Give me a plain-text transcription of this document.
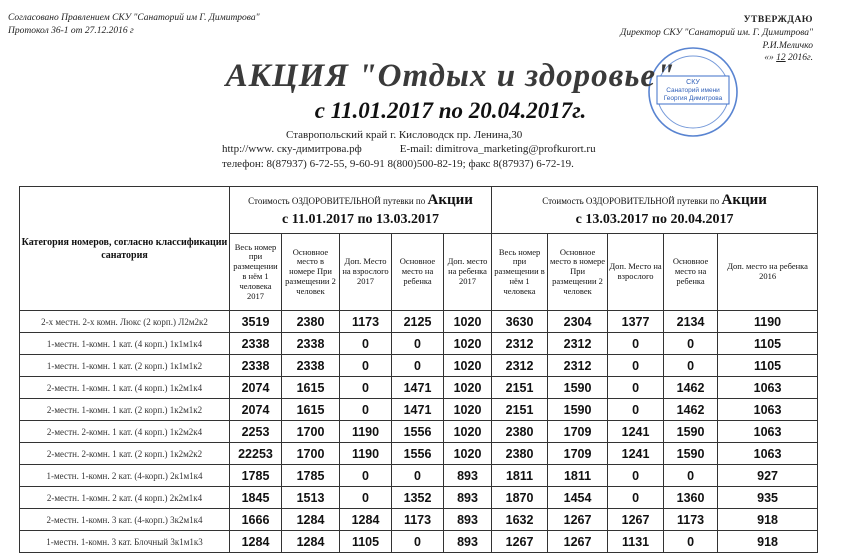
Согласовано Правлением СКУ "Санаторий им Г. Димитрова"
Протокол 36-1 от 27.12.2016 г
УТВЕРЖДАЮ
Директор СКУ "Санаторий им. Г. Димитрова"
Р.И.Меличко
«» 12 2016г.
СКУ
Санаторий имени
Георгия Димитрова
АКЦИЯ "Отдых и здоровье"
с 11.01.2017 по 20.04.2017г.
Ставропольский край г. Кисловодск пр. Ленина,30
http://www. ску-димитрова.рф	E-mail: dimitrova_marketing@profkurort.ru
телефон: 8(87937) 6-72-55, 9-60-91 8(800)500-82-19; факс 8(87937) 6-72-19.
Категория номеров, согласно классификации санатория	Стоимость ОЗДОРОВИТЕЛЬНОЙ путевки по Акции
с 11.01.2017 по 13.03.2017					Стоимость ОЗДОРОВИТЕЛЬНОЙ путевки по Акции
с 13.03.2017 по 20.04.2017				

	Весь номер при размещении в нём 1 человека 2017	Основное место в номере При размещении 2 человек	Доп. Место на взрослого 2017	Основное место на ребенка	Доп. место на ребенка 2017	Весь номер при размещении в нём 1 человека	Основное место в номере При размещении 2 человек	Доп. Место на взрослого	Основное место на ребенка	Доп. место на ребенка 2016
2-х местн. 2-х комн. Люкс (2 корп.) Л2м2к2	3519	2380	1173	2125	1020	3630	2304	1377	2134	1190
1-местн. 1-комн. 1 кат. (4 корп.) 1к1м1к4	2338	2338	0	0	1020	2312	2312	0	0	1105
1-местн. 1-комн. 1 кат. (2 корп.) 1к1м1к2	2338	2338	0	0	1020	2312	2312	0	0	1105
2-местн. 1-комн. 1 кат. (4 корп.) 1к2м1к4	2074	1615	0	1471	1020	2151	1590	0	1462	1063
2-местн. 1-комн. 1 кат. (2 корп.) 1к2м1к2	2074	1615	0	1471	1020	2151	1590	0	1462	1063
2-местн. 2-комн. 1 кат. (4 корп.) 1к2м2к4	2253	1700	1190	1556	1020	2380	1709	1241	1590	1063
2-местн. 2-комн. 1 кат. (2 корп.) 1к2м2к2	22253	1700	1190	1556	1020	2380	1709	1241	1590	1063
1-местн. 1-комн. 2 кат. (4-корп.) 2к1м1к4	1785	1785	0	0	893	1811	1811	0	0	927
2-местн. 1-комн. 2 кат. (4 корп.) 2к2м1к4	1845	1513	0	1352	893	1870	1454	0	1360	935
2-местн. 1-комн. 3 кат. (4-корп.) 3к2м1к4	1666	1284	1284	1173	893	1632	1267	1267	1173	918
1-местн. 1-комн. 3 кат. Блочный 3к1м1к3	1284	1284	1105	0	893	1267	1267	1131	0	918
